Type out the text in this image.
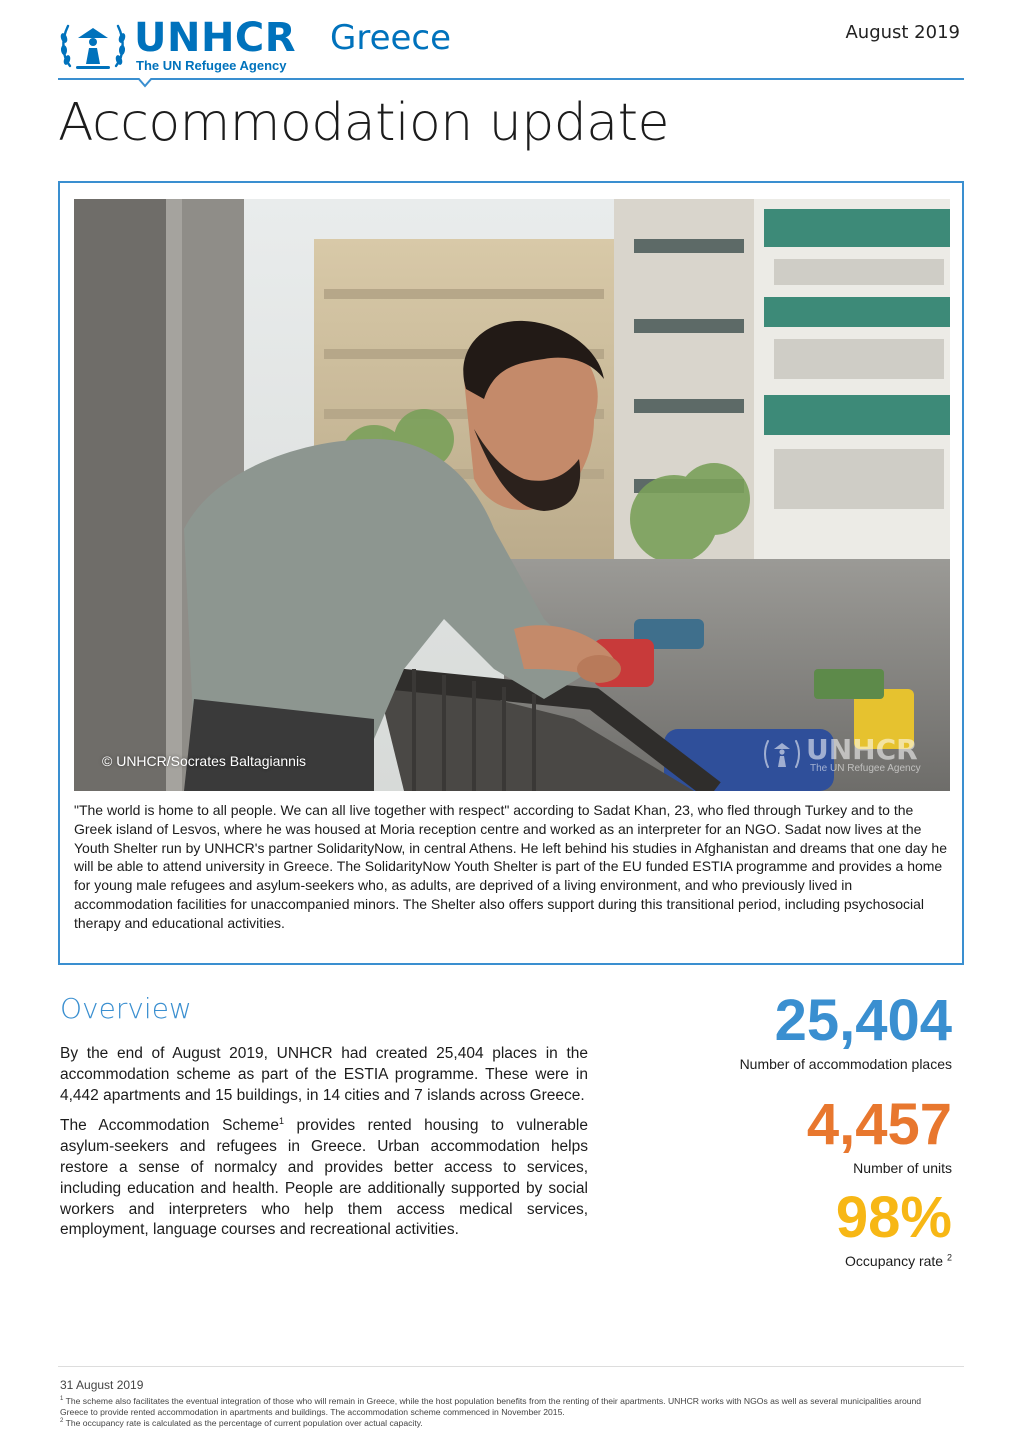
UNHCR
The UN Refugee Agency
Greece	August 2019
Accommodation update
© UNHCR/Socrates Baltagiannis	UNHCR
The UN Refugee Agency

"The world is home to all people. We can all live together with respect" according to Sadat Khan, 23, who fled through Turkey and to the Greek island of Lesvos, where he was housed at Moria reception centre and worked as an interpreter for an NGO. Sadat now lives at the Youth Shelter run by UNHCR's partner SolidarityNow, in central Athens. He left behind his studies in Afghanistan and dreams that one day he will be able to attend university in Greece. The SolidarityNow Youth Shelter is part of the EU funded ESTIA programme and provides a home for young male refugees and asylum-seekers who, as adults, are deprived of a living environment, and who previously lived in accommodation facilities for unaccompanied minors. The Shelter also offers support during this transitional period, including psychosocial therapy and educational activities.

Overview

By the end of August 2019, UNHCR had created 25,404 places in the accommodation scheme as part of the ESTIA programme. These were in 4,442 apartments and 15 buildings, in 14 cities and 7 islands across Greece.

The Accommodation Scheme$^1$ provides rented housing to vulnerable asylum-seekers and refugees in Greece. Urban accommodation helps restore a sense of normalcy and provides better access to services, including education and health. People are additionally supported by social workers and interpreters who help them access medical services, employment, language courses and recreational activities.

25,404
Number of accommodation places
4,457
Number of units
98%
Occupancy rate $^2$
31 August 2019
$^1$ The scheme also facilitates the eventual integration of those who will remain in Greece, while the host population benefits from the renting of their apartments. UNHCR works with NGOs as well as several municipalities around Greece to provide rented accommodation in apartments and buildings. The accommodation scheme commenced in November 2015.
$^2$ The occupancy rate is calculated as the percentage of current population over actual capacity.
